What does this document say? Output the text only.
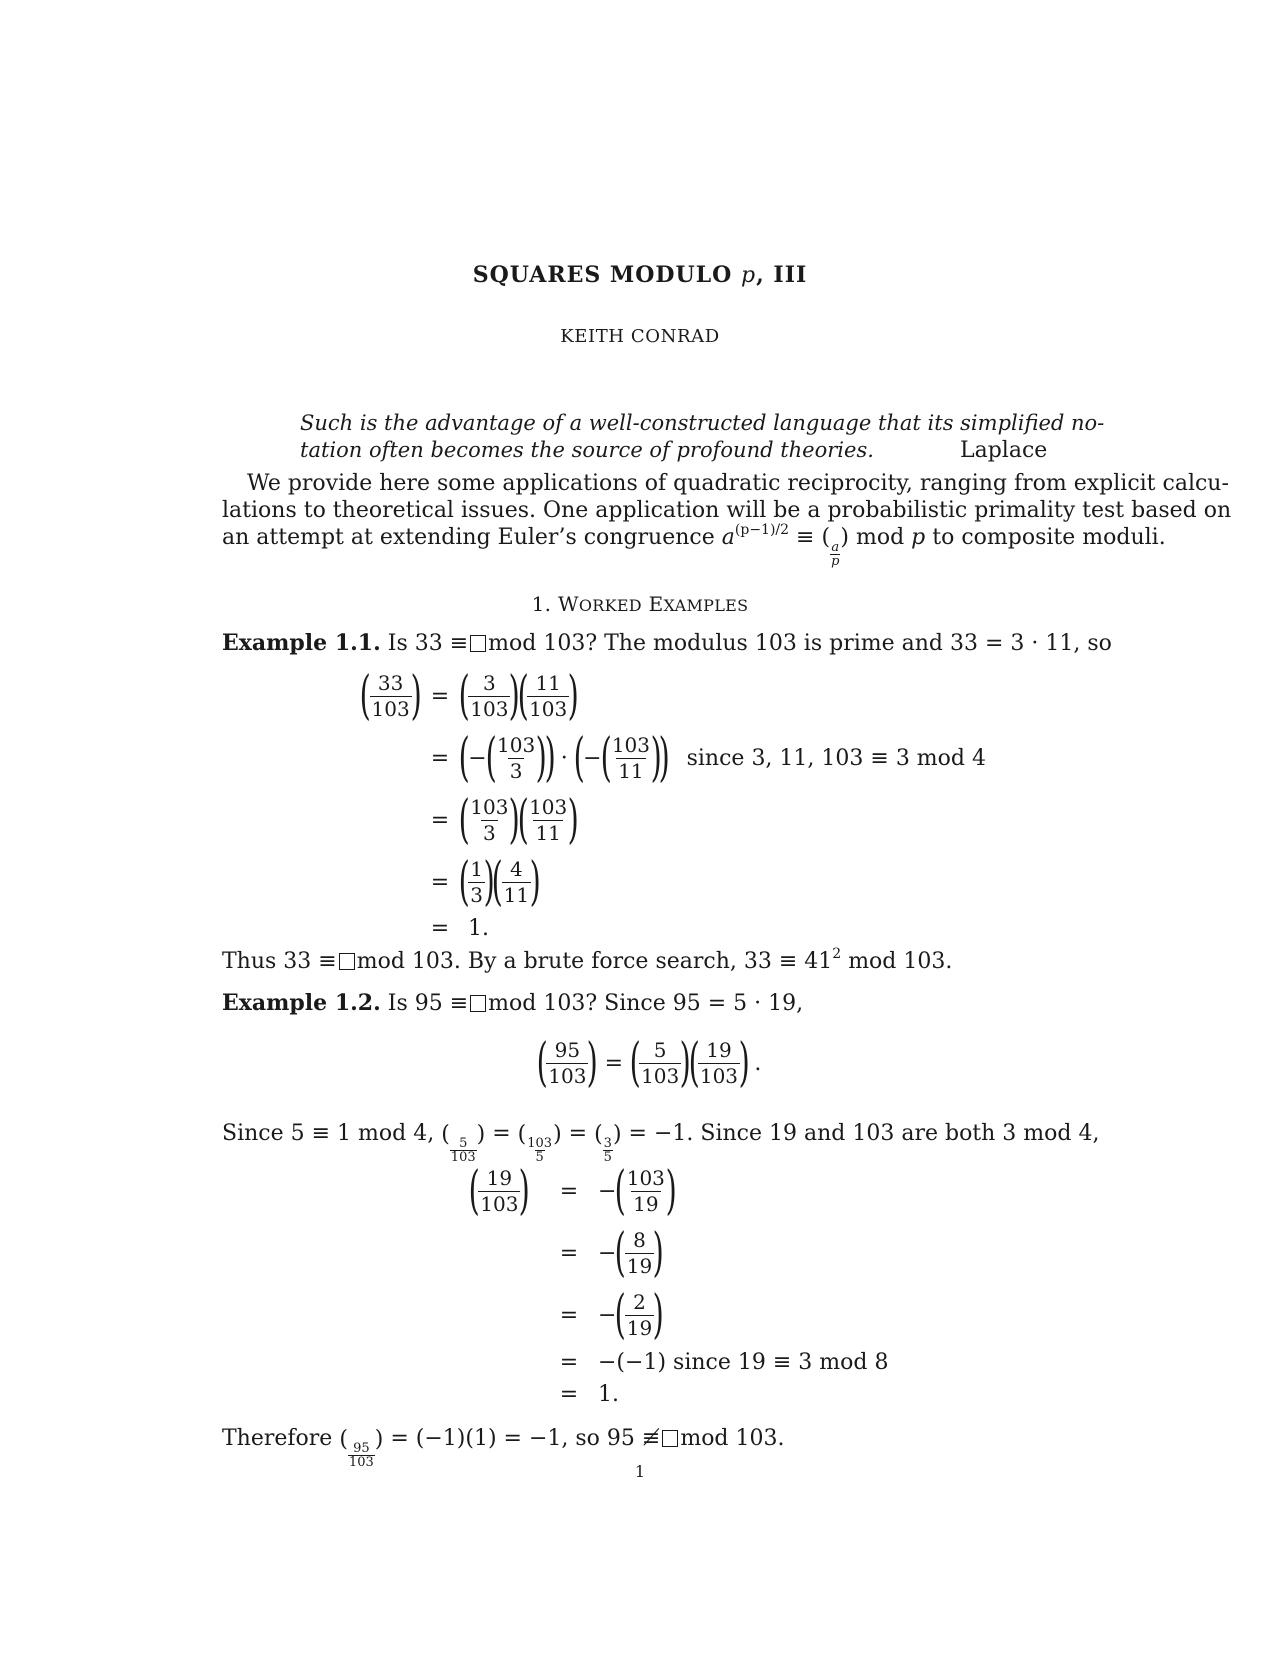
SQUARES MODULO p, III
KEITH CONRAD
Such is the advantage of a well-constructed language that its simplified no-
tation often becomes the source of profound theories.	Laplace
We provide here some applications of quadratic reciprocity, ranging from explicit calcu-
lations to theoretical issues. One application will be a probabilistic primality test based on
an attempt at extending Euler’s congruence $a^{(p-1)/2}$ ≡ (
$\frac{a}{p}$
) mod p to composite moduli.
1. WORKED EXAMPLES
Example 1.1. Is 33 ≡ mod 103? The modulus 103 is prime and 33 = 3 · 11, so
(
$\frac{33}{103}$
) = (
$\frac{3}{103}$
)
(
$\frac{11}{103}$
)
= (
−
(
$\frac{103}{3}$
)
)
·
(
−
(
$\frac{103}{11}$
)
) since 3, 11, 103 ≡ 3 mod 4
= (
$\frac{103}{3}$
)
(
$\frac{103}{11}$
)
= (
$\frac{1}{3}$
)
(
$\frac{4}{11}$
)
= 1.
Thus 33 ≡ mod 103. By a brute force search, $33 \equiv 41^2$ mod 103.
Example 1.2. Is 95 ≡ mod 103? Since 95 = 5 · 19,
(
$\frac{95}{103}$
) = (
$\frac{5}{103}$
)
(
$\frac{19}{103}$
) .
Since 5 ≡ 1 mod 4, (
$\frac{5}{103}$
) = (
$\frac{103}{5}$
) = (
$\frac{3}{5}$
) = −1. Since 19 and 103 are both 3 mod 4,
(
$\frac{19}{103}$
)	= −
(
$\frac{103}{19}$
)
= −
(
$\frac{8}{19}$
)
= −
(
$\frac{2}{19}$
)
= −(−1) since 19 ≡ 3 mod 8
= 1.
Therefore (
$\frac{95}{103}$
) = (−1)(1) = −1, so 95 ≢ mod 103.
1
